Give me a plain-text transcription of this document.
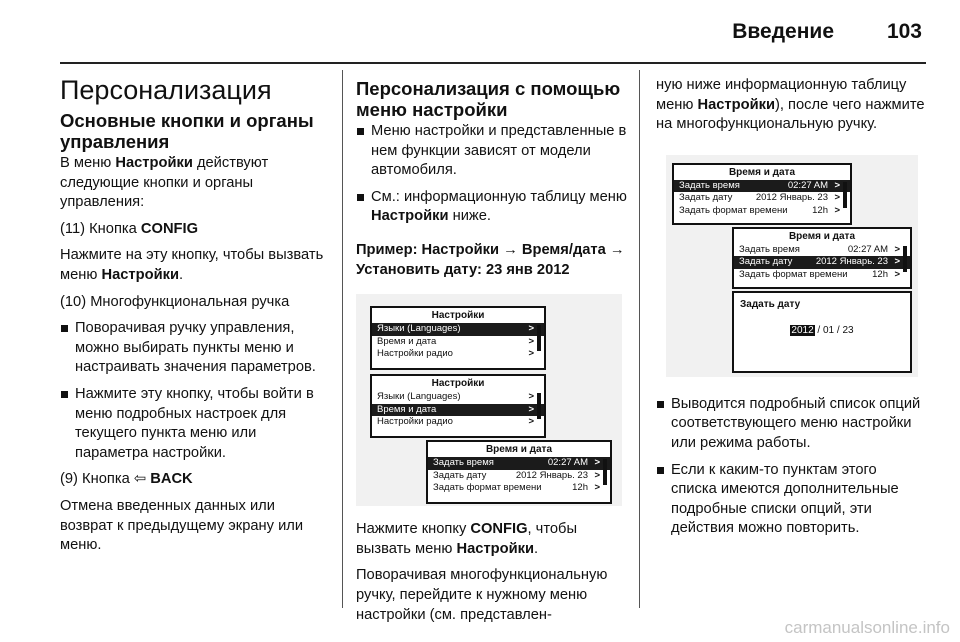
Введение	103
Персонализация
Основные кнопки и органы управления

В меню Настройки действуют следующие кнопки и органы управления:

(11) Кнопка CONFIG

Нажмите на эту кнопку, чтобы вызвать меню Настройки.

(10) Многофункциональная ручка

Поворачивая ручку управления, можно выбирать пункты меню и настраивать значения параметров.
Нажмите эту кнопку, чтобы войти в меню подробных настроек для текущего пункта меню или параметра настройки.

(9) Кнопка ⇦ BACK

Отмена введенных данных или возврат к предыдущему экрану или меню.

Персонализация с помощью меню настройки
Меню настройки и представленные в нем функции зависят от модели автомобиля.
См.: информационную таблицу меню Настройки ниже.

Пример: Настройки → Время/дата → Установить дату: 23 янв 2012

Настройки
Языки (Languages)	>
Время и дата	>
Настройки радио	>
Настройки
Языки (Languages)	>
Время и дата	>
Настройки радио	>
Время и дата
Задать время	02:27 AM >
Задать дату	2012 Январь. 23 >
Задать формат времени	12h >

Нажмите кнопку CONFIG, чтобы вызвать меню Настройки.

Поворачивая многофункциональную ручку, перейдите к нужному меню настройки (см. представлен-

ную ниже информационную таблицу меню Настройки), после чего нажмите на многофункциональную ручку.

Время и дата
Задать время	02:27 AM >
Задать дату 2012 Январь. 23 >
Задать формат времени	12h >
Время и дата
Задать время	02:27 AM >
Задать дату 2012 Январь. 23 >
Задать формат времени	12h >
Задать дату
2012 / 01 / 23
Выводится подробный список опций соответствующего меню настройки или режима работы.
Если к каким-то пунктам этого списка имеются дополнительные подробные списки опций, эти действия можно повторить.
carmanualsonline.info
